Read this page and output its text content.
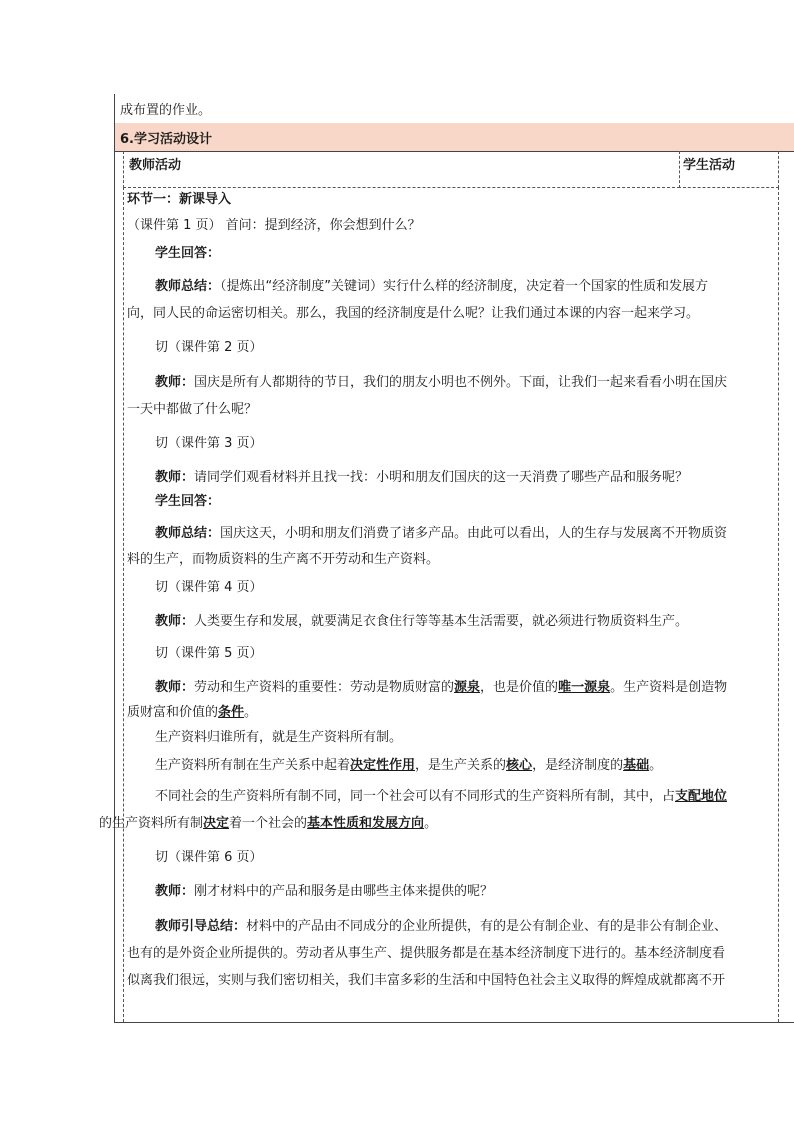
成布置的作业。
6.学习活动设计
教师活动	学生活动

环节一：新课导入

（课件第 1 页） 首问：提到经济，你会想到什么？

学生回答：

教师总结：（提炼出“经济制度”关键词）实行什么样的经济制度，决定着一个国家的性质和发展方
向，同人民的命运密切相关。那么，我国的经济制度是什么呢？让我们通过本课的内容一起来学习。

切（课件第 2 页）

教师：国庆是所有人都期待的节日，我们的朋友小明也不例外。下面，让我们一起来看看小明在国庆
一天中都做了什么呢？

切（课件第 3 页）

教师：请同学们观看材料并且找一找：小明和朋友们国庆的这一天消费了哪些产品和服务呢？

学生回答：

教师总结：国庆这天，小明和朋友们消费了诸多产品。由此可以看出，人的生存与发展离不开物质资
料的生产，而物质资料的生产离不开劳动和生产资料。

切（课件第 4 页）

教师：人类要生存和发展，就要满足衣食住行等等基本生活需要，就必须进行物质资料生产。

切（课件第 5 页）

教师：劳动和生产资料的重要性：劳动是物质财富的源泉，也是价值的唯一源泉。生产资料是创造物
质财富和价值的条件。

生产资料归谁所有，就是生产资料所有制。

生产资料所有制在生产关系中起着决定性作用，是生产关系的核心，是经济制度的基础。

不同社会的生产资料所有制不同，同一个社会可以有不同形式的生产资料所有制，其中，占支配地位
的生产资料所有制决定着一个社会的基本性质和发展方向。

切（课件第 6 页）

教师：刚才材料中的产品和服务是由哪些主体来提供的呢？

教师引导总结：材料中的产品由不同成分的企业所提供，有的是公有制企业、有的是非公有制企业、
也有的是外资企业所提供的。劳动者从事生产、提供服务都是在基本经济制度下进行的。基本经济制度看
似离我们很远，实则与我们密切相关，我们丰富多彩的生活和中国特色社会主义取得的辉煌成就都离不开
